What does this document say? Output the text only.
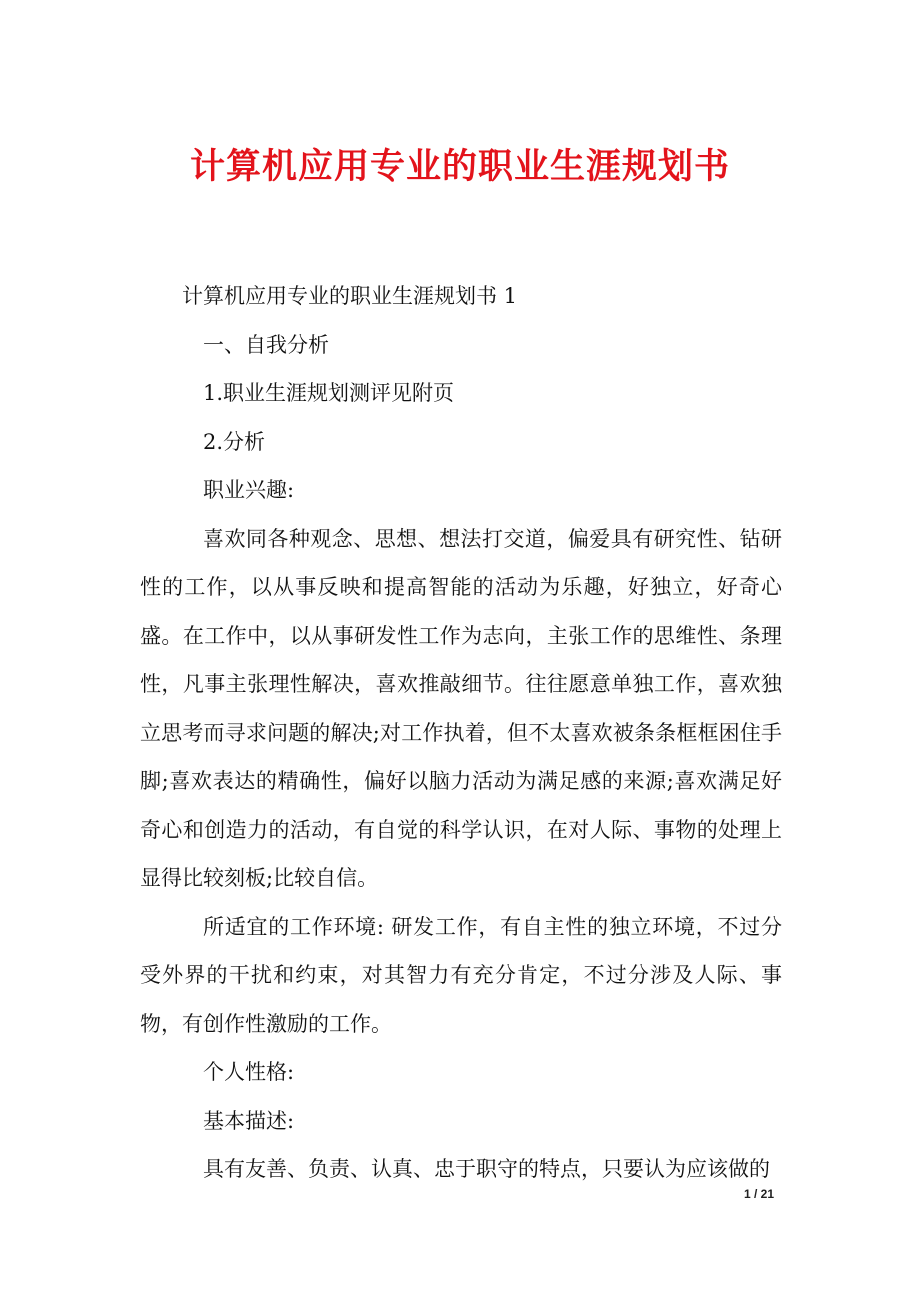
计算机应用专业的职业生涯规划书

计算机应用专业的职业生涯规划书 1

一、自我分析

1.职业生涯规划测评见附页

2.分析

职业兴趣:

喜欢同各种观念、思想、想法打交道，偏爱具有研究性、钻研性的工作，以从事反映和提高智能的活动为乐趣，好独立，好奇心盛。在工作中，以从事研发性工作为志向，主张工作的思维性、条理性，凡事主张理性解决，喜欢推敲细节。往往愿意单独工作，喜欢独立思考而寻求问题的解决;对工作执着，但不太喜欢被条条框框困住手脚;喜欢表达的精确性，偏好以脑力活动为满足感的来源;喜欢满足好奇心和创造力的活动，有自觉的科学认识，在对人际、事物的处理上显得比较刻板;比较自信。

所适宜的工作环境: 研发工作，有自主性的独立环境，不过分受外界的干扰和约束，对其智力有充分肯定，不过分涉及人际、事物，有创作性激励的工作。

个人性格:

基本描述:

具有友善、负责、认真、忠于职守的特点，只要认为应该做的

1 / 21
